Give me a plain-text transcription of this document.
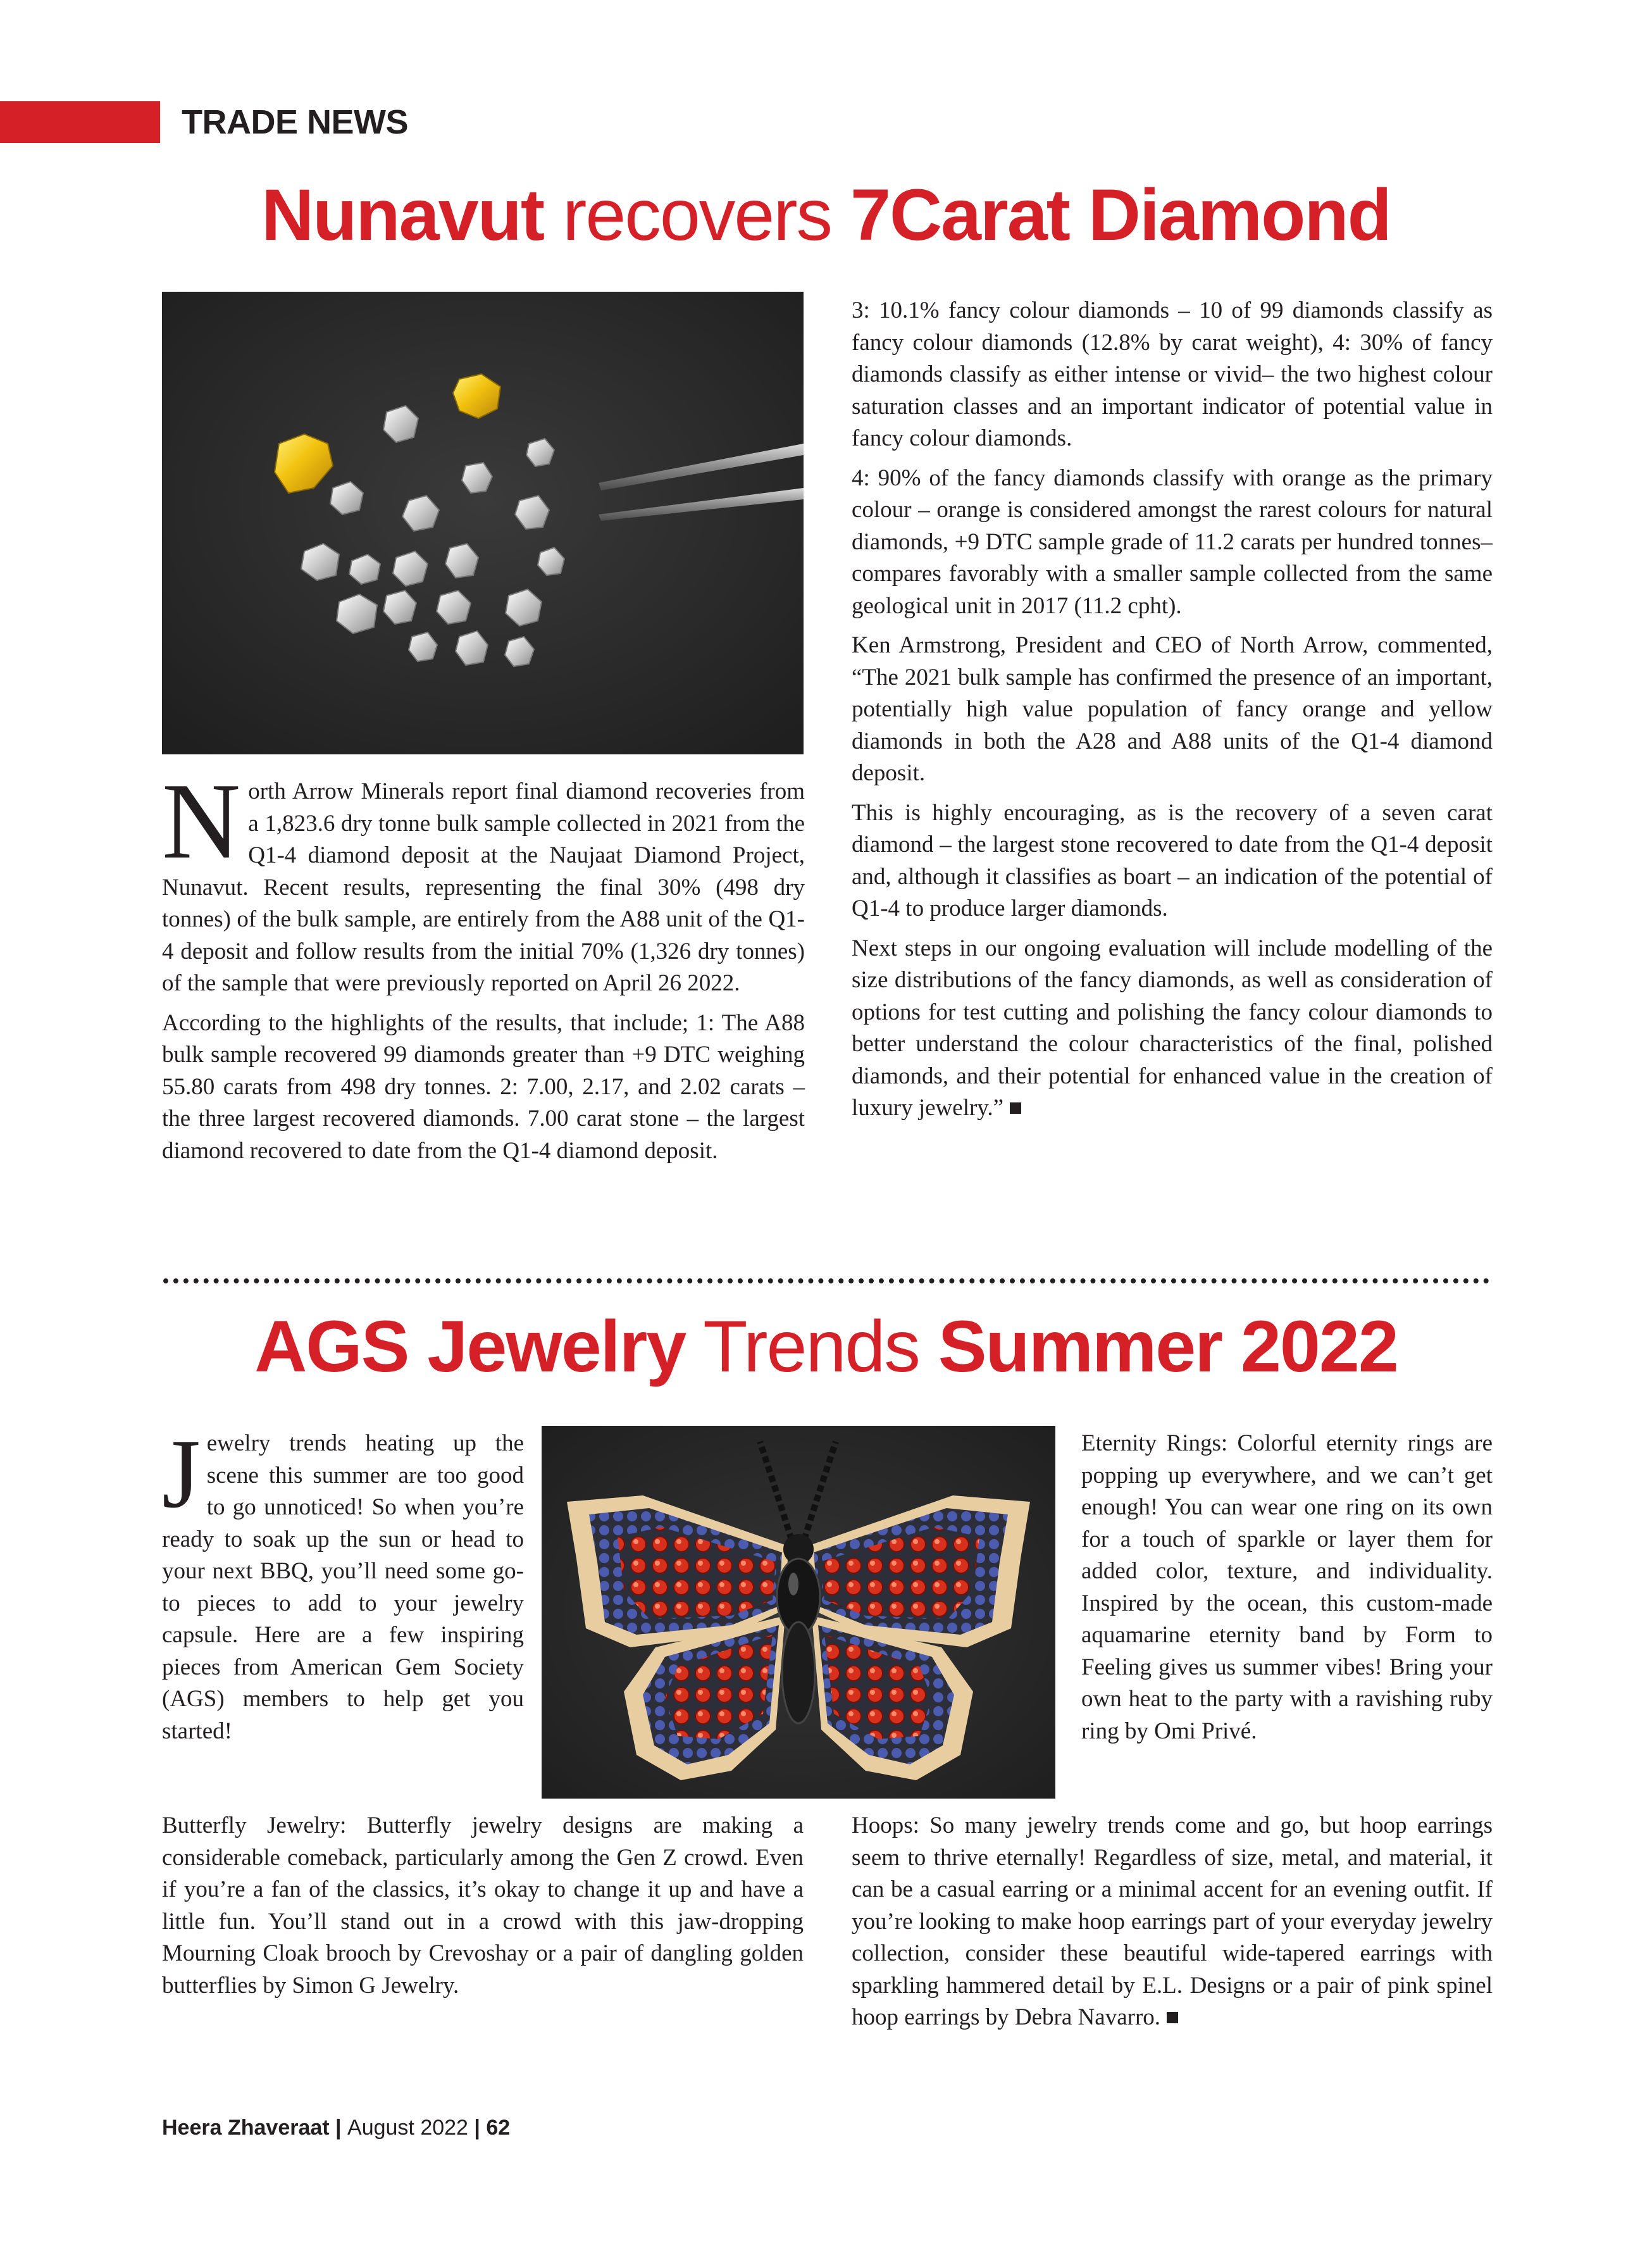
TRADE NEWS
Nunavut recovers 7Carat Diamond

North Arrow Minerals report final diamond recoveries from a 1,823.6 dry tonne bulk sample collected in 2021 from the Q1-4 diamond deposit at the Naujaat Diamond Project, Nunavut. Recent results, representing the final 30% (498 dry tonnes) of the bulk sample, are entirely from the A88 unit of the Q1-4 deposit and follow results from the initial 70% (1,326 dry tonnes) of the sample that were previously reported on April 26 2022.

According to the highlights of the results, that include; 1: The A88 bulk sample recovered 99 diamonds greater than +9 DTC weighing 55.80 carats from 498 dry tonnes. 2: 7.00, 2.17, and 2.02 carats – the three largest recovered diamonds. 7.00 carat stone – the largest diamond recovered to date from the Q1-4 diamond deposit.

3: 10.1% fancy colour diamonds – 10 of 99 diamonds classify as fancy colour diamonds (12.8% by carat weight), 4: 30% of fancy diamonds classify as either intense or vivid– the two highest colour saturation classes and an important indicator of potential value in fancy colour diamonds.

4: 90% of the fancy diamonds classify with orange as the primary colour – orange is considered amongst the rarest colours for natural diamonds, +9 DTC sample grade of 11.2 carats per hundred tonnes– compares favorably with a smaller sample collected from the same geological unit in 2017 (11.2 cpht).

Ken Armstrong, President and CEO of North Arrow, commented, “The 2021 bulk sample has confirmed the presence of an important, potentially high value population of fancy orange and yellow diamonds in both the A28 and A88 units of the Q1-4 diamond deposit.

This is highly encouraging, as is the recovery of a seven carat diamond – the largest stone recovered to date from the Q1-4 deposit and, although it classifies as boart – an indication of the potential of Q1-4 to produce larger diamonds.

Next steps in our ongoing evaluation will include modelling of the size distributions of the fancy diamonds, as well as consideration of options for test cutting and polishing the fancy colour diamonds to better understand the colour characteristics of the final, polished diamonds, and their potential for enhanced value in the creation of luxury jewelry.”

AGS Jewelry Trends Summer 2022

Jewelry trends heating up the scene this summer are too good to go unnoticed! So when you’re ready to soak up the sun or head to your next BBQ, you’ll need some go-to pieces to add to your jewelry capsule. Here are a few inspiring pieces from American Gem Society (AGS) members to help get you started!

Eternity Rings: Colorful eternity rings are popping up everywhere, and we can’t get enough! You can wear one ring on its own for a touch of sparkle or layer them for added color, texture, and individuality. Inspired by the ocean, this custom-made aquamarine eternity band by Form to Feeling gives us summer vibes! Bring your own heat to the party with a ravishing ruby ring by Omi Privé.

Butterfly Jewelry: Butterfly jewelry designs are making a considerable comeback, particularly among the Gen Z crowd. Even if you’re a fan of the classics, it’s okay to change it up and have a little fun. You’ll stand out in a crowd with this jaw-dropping Mourning Cloak brooch by Crevoshay or a pair of dangling golden butterflies by Simon G Jewelry.

Hoops: So many jewelry trends come and go, but hoop earrings seem to thrive eternally! Regardless of size, metal, and material, it can be a casual earring or a minimal accent for an evening outfit. If you’re looking to make hoop earrings part of your everyday jewelry collection, consider these beautiful wide-tapered earrings with sparkling hammered detail by E.L. Designs or a pair of pink spinel hoop earrings by Debra Navarro.

Heera Zhaveraat | August 2022 | 62
